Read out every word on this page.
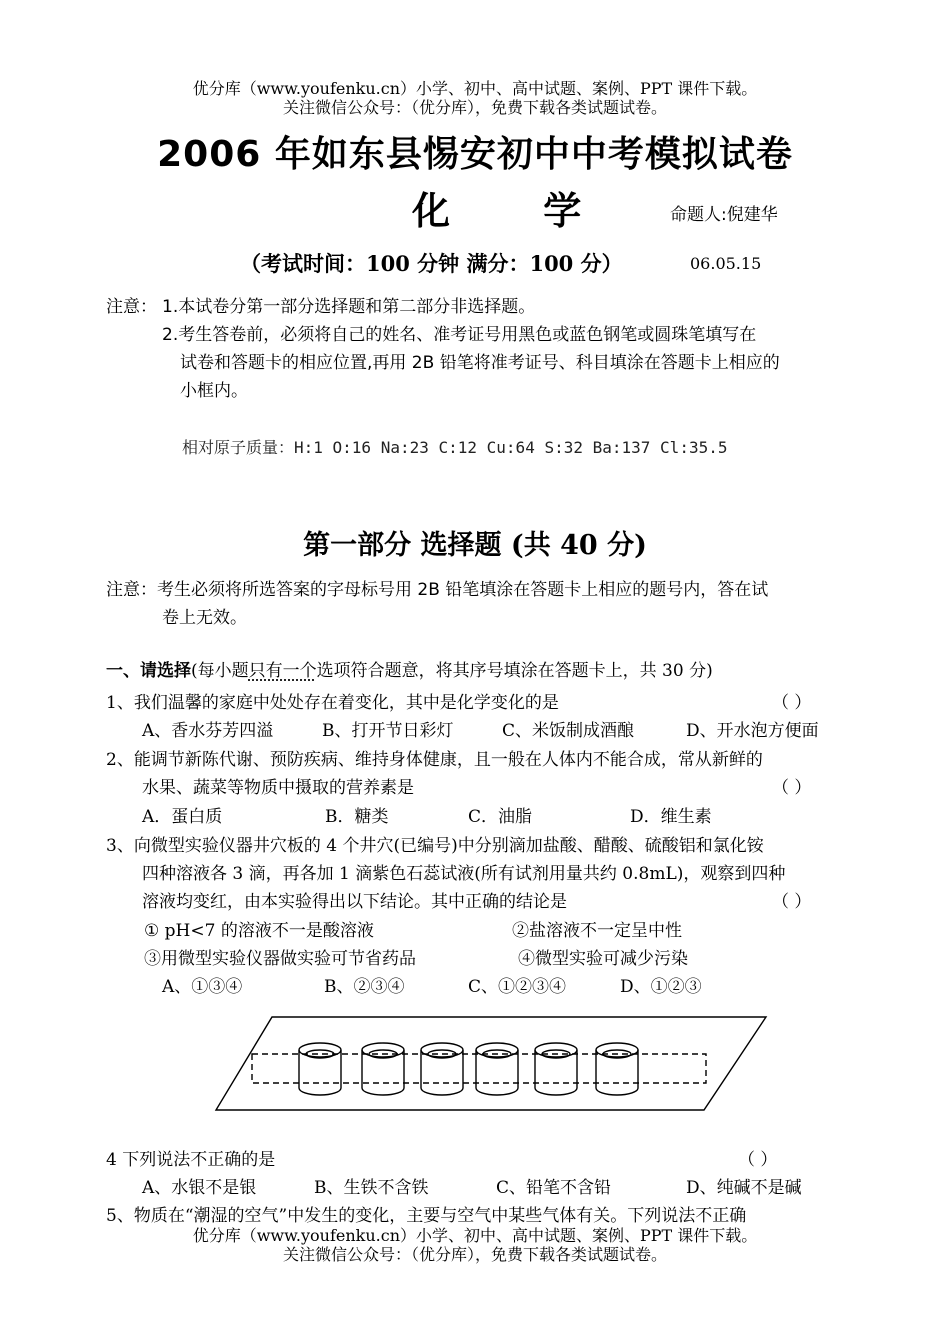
优分库（www.youfenku.cn）小学、初中、高中试题、案例、PPT 课件下载。
关注微信公众号：（优分库），免费下载各类试题试卷。
2006 年如东县惕安初中中考模拟试卷
化 学	命题人:倪建华
（考试时间：100 分钟 满分：100 分）	06.05.15
注意： 1.本试卷分第一部分选择题和第二部分非选择题。
2.考生答卷前，必须将自己的姓名、准考证号用黑色或蓝色钢笔或圆珠笔填写在
试卷和答题卡的相应位置,再用 2B 铅笔将准考证号、科目填涂在答题卡上相应的
小框内。
相对原子质量：H:1 O:16 Na:23 C:12 Cu:64 S:32 Ba:137 Cl:35.5
第一部分 选择题 (共 40 分)
注意：考生必须将所选答案的字母标号用 2B 铅笔填涂在答题卡上相应的题号内，答在试
卷上无效。
一、请选择(每小题只有一个选项符合题意，将其序号填涂在答题卡上，共 30 分)
1、我们温馨的家庭中处处存在着变化，其中是化学变化的是	（ ）
A、香水芬芳四溢	B、打开节日彩灯	C、米饭制成酒酿	D、开水泡方便面
2、能调节新陈代谢、预防疾病、维持身体健康，且一般在人体内不能合成，常从新鲜的
水果、蔬菜等物质中摄取的营养素是	（ ）
A．蛋白质	B．糖类	C．油脂	D．维生素
3、向微型实验仪器井穴板的 4 个井穴(已编号)中分别滴加盐酸、醋酸、硫酸铝和氯化铵
四种溶液各 3 滴，再各加 1 滴紫色石蕊试液(所有试剂用量共约 0.8mL)，观察到四种
溶液均变红，由本实验得出以下结论。其中正确的结论是	（ ）
① pH<7 的溶液不一是酸溶液	②盐溶液不一定呈中性
③用微型实验仪器做实验可节省药品	④微型实验可减少污染
A、①③④	B、②③④	C、①②③④	D、①②③
4 下列说法不正确的是	（ ）
A、水银不是银	B、生铁不含铁	C、铅笔不含铅	D、纯碱不是碱
5、物质在“潮湿的空气”中发生的变化，主要与空气中某些气体有关。下列说法不正确
优分库（www.youfenku.cn）小学、初中、高中试题、案例、PPT 课件下载。
关注微信公众号：（优分库），免费下载各类试题试卷。
